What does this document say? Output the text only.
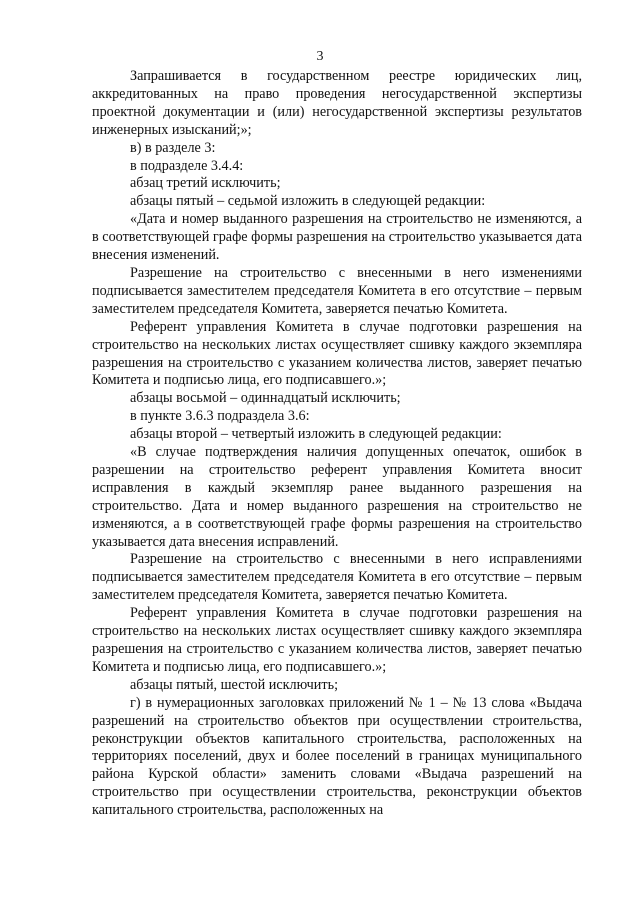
3

Запрашивается в государственном реестре юридических лиц, аккредитованных на право проведения негосударственной экспертизы проектной документации и (или) негосударственной экспертизы результатов инженерных изысканий;»;

в) в разделе 3:

в подразделе 3.4.4:

абзац третий исключить;

абзацы пятый – седьмой изложить в следующей редакции:

«Дата и номер выданного разрешения на строительство не изменяются, а в соответствующей графе формы разрешения на строительство указывается дата внесения изменений.

Разрешение на строительство с внесенными в него изменениями подписывается заместителем председателя Комитета в его отсутствие – первым заместителем председателя Комитета, заверяется печатью Комитета.

Референт управления Комитета в случае подготовки разрешения на строительство на нескольких листах осуществляет сшивку каждого экземпляра разрешения на строительство с указанием количества листов, заверяет печатью Комитета и подписью лица, его подписавшего.»;

абзацы восьмой – одиннадцатый исключить;

в пункте 3.6.3 подраздела 3.6:

абзацы второй – четвертый изложить в следующей редакции:

«В случае подтверждения наличия допущенных опечаток, ошибок в разрешении на строительство референт управления Комитета вносит исправления в каждый экземпляр ранее выданного разрешения на строительство. Дата и номер выданного разрешения на строительство не изменяются, а в соответствующей графе формы разрешения на строительство указывается дата внесения исправлений.

Разрешение на строительство с внесенными в него исправлениями подписывается заместителем председателя Комитета в его отсутствие – первым заместителем председателя Комитета, заверяется печатью Комитета.

Референт управления Комитета в случае подготовки разрешения на строительство на нескольких листах осуществляет сшивку каждого экземпляра разрешения на строительство с указанием количества листов, заверяет печатью Комитета и подписью лица, его подписавшего.»;

абзацы пятый, шестой исключить;

г) в нумерационных заголовках приложений № 1 – № 13 слова «Выдача разрешений на строительство объектов при осуществлении строительства, реконструкции объектов капитального строительства, расположенных на территориях поселений, двух и более поселений в границах муниципального района Курской области» заменить словами «Выдача разрешений на строительство при осуществлении строительства, реконструкции объектов капитального строительства, расположенных на
